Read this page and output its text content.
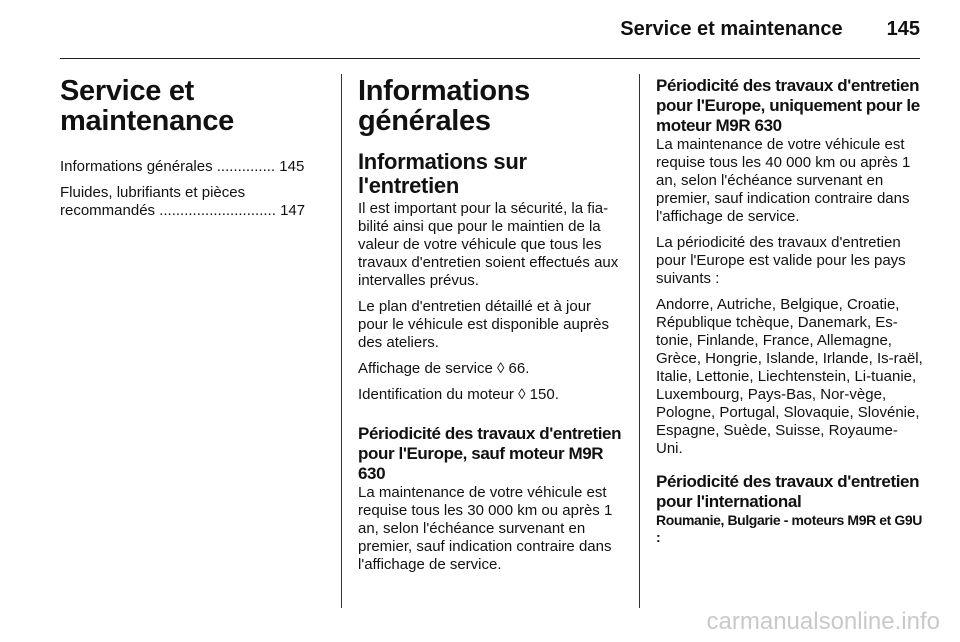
Service et maintenance 145
Service et
maintenance

Informations générales .............. 145

Fluides, lubrifiants et pièces recommandés ............................ 147

Informations générales
Informations sur l'entretien

Il est important pour la sécurité, la fia-bilité ainsi que pour le maintien de la valeur de votre véhicule que tous les travaux d'entretien soient effectués aux intervalles prévus.

Le plan d'entretien détaillé et à jour pour le véhicule est disponible auprès des ateliers.

Affichage de service ◊ 66.

Identification du moteur ◊ 150.

Périodicité des travaux d'entretien pour l'Europe, sauf moteur M9R 630

La maintenance de votre véhicule est requise tous les 30 000 km ou après 1 an, selon l'échéance survenant en premier, sauf indication contraire dans l'affichage de service.

Périodicité des travaux d'entretien pour l'Europe, uniquement pour le moteur M9R 630

La maintenance de votre véhicule est requise tous les 40 000 km ou après 1 an, selon l'échéance survenant en premier, sauf indication contraire dans l'affichage de service.

La périodicité des travaux d'entretien pour l'Europe est valide pour les pays suivants :

Andorre, Autriche, Belgique, Croatie, République tchèque, Danemark, Es-tonie, Finlande, France, Allemagne, Grèce, Hongrie, Islande, Irlande, Is-raël, Italie, Lettonie, Liechtenstein, Li-tuanie, Luxembourg, Pays-Bas, Nor-vège, Pologne, Portugal, Slovaquie, Slovénie, Espagne, Suède, Suisse, Royaume-Uni.

Périodicité des travaux d'entretien pour l'international
Roumanie, Bulgarie - moteurs M9R et G9U :
carmanualsonline.info
